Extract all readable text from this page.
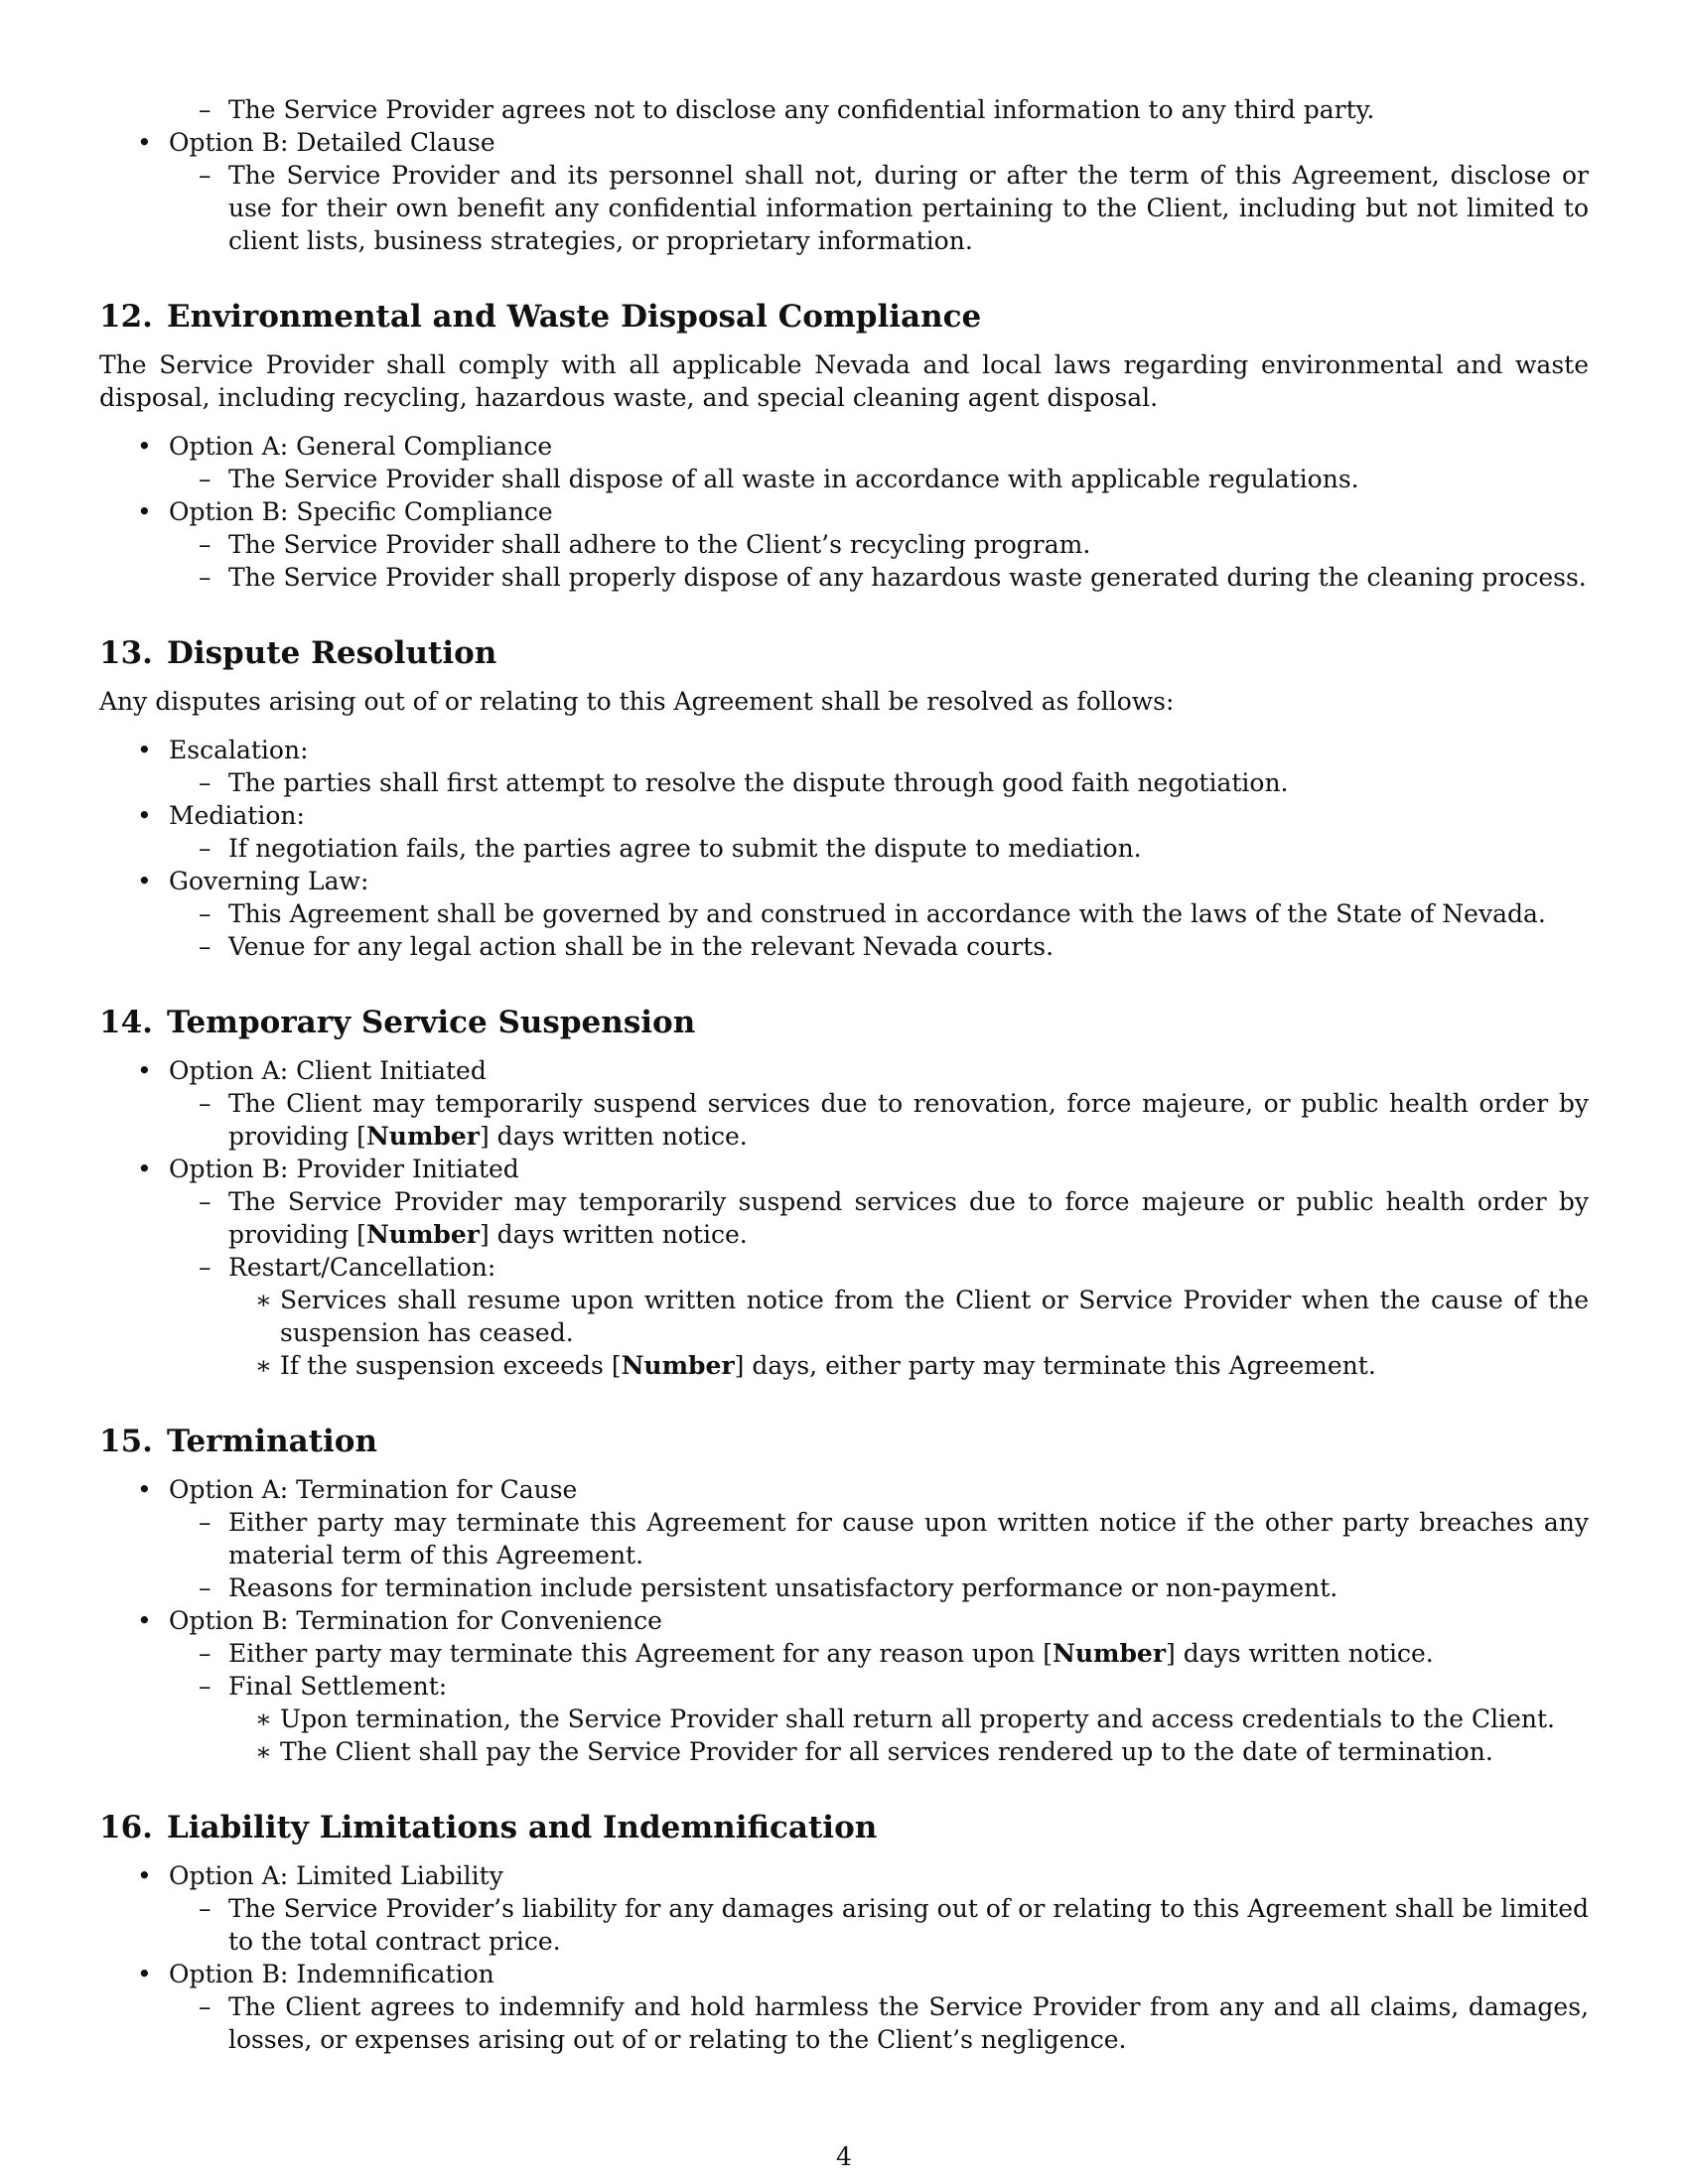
– The Service Provider agrees not to disclose any confidential information to any third party.
• Option B: Detailed Clause
– The Service Provider and its personnel shall not, during or after the term of this Agreement, disclose or use for their own benefit any confidential information pertaining to the Client, including but not limited to client lists, business strategies, or proprietary information.
12. Environmental and Waste Disposal Compliance

The Service Provider shall comply with all applicable Nevada and local laws regarding environmental and waste disposal, including recycling, hazardous waste, and special cleaning agent disposal.

• Option A: General Compliance
– The Service Provider shall dispose of all waste in accordance with applicable regulations.
• Option B: Specific Compliance
– The Service Provider shall adhere to the Client’s recycling program.
– The Service Provider shall properly dispose of any hazardous waste generated during the cleaning process.
13. Dispute Resolution

Any disputes arising out of or relating to this Agreement shall be resolved as follows:

• Escalation:
– The parties shall first attempt to resolve the dispute through good faith negotiation.
• Mediation:
– If negotiation fails, the parties agree to submit the dispute to mediation.
• Governing Law:
– This Agreement shall be governed by and construed in accordance with the laws of the State of Nevada.
– Venue for any legal action shall be in the relevant Nevada courts.
14. Temporary Service Suspension
• Option A: Client Initiated
– The Client may temporarily suspend services due to renovation, force majeure, or public health order by providing [Number] days written notice.
• Option B: Provider Initiated
– The Service Provider may temporarily suspend services due to force majeure or public health order by providing [Number] days written notice.
– Restart/Cancellation:
∗ Services shall resume upon written notice from the Client or Service Provider when the cause of the suspension has ceased.
∗ If the suspension exceeds [Number] days, either party may terminate this Agreement.
15. Termination
• Option A: Termination for Cause
– Either party may terminate this Agreement for cause upon written notice if the other party breaches any material term of this Agreement.
– Reasons for termination include persistent unsatisfactory performance or non-payment.
• Option B: Termination for Convenience
– Either party may terminate this Agreement for any reason upon [Number] days written notice.
– Final Settlement:
∗ Upon termination, the Service Provider shall return all property and access credentials to the Client.
∗ The Client shall pay the Service Provider for all services rendered up to the date of termination.
16. Liability Limitations and Indemnification
• Option A: Limited Liability
– The Service Provider’s liability for any damages arising out of or relating to this Agreement shall be limited to the total contract price.
• Option B: Indemnification
– The Client agrees to indemnify and hold harmless the Service Provider from any and all claims, damages, losses, or expenses arising out of or relating to the Client’s negligence.
4
